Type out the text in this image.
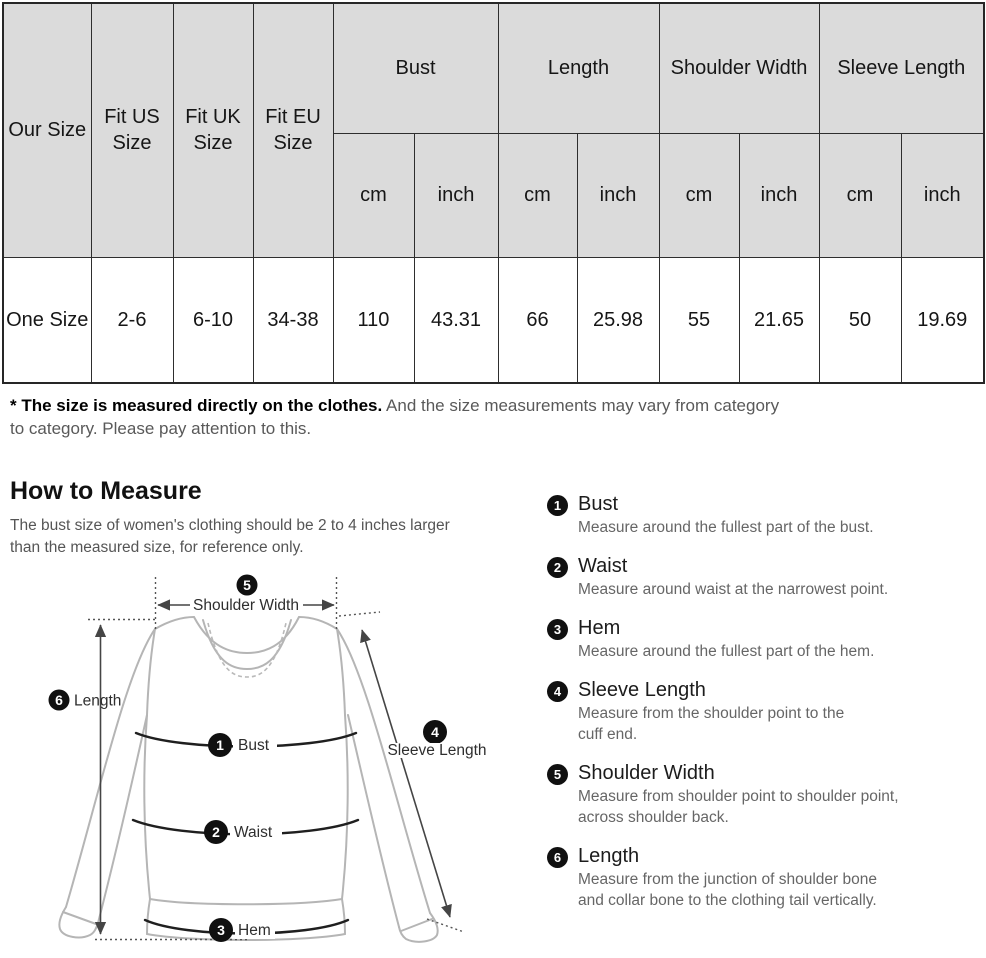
Our Size	Fit US Size	Fit UK Size	Fit EU Size	Bust		Length		Shoulder Width		Sleeve Length	
				cm	inch	cm	inch	cm	inch	cm	inch
One Size	2-6	6-10	34-38	110	43.31	66	25.98	55	21.65	50	19.69
* The size is measured directly on the clothes. And the size measurements may vary from category to category. Please pay attention to this.
How to Measure

The bust size of women's clothing should be 2 to 4 inches larger than the measured size, for reference only.

Shoulder Width
5
6 Length
1 Bust
4
Sleeve Length
2 Waist
3 Hem
1 Bust
Measure around the fullest part of the bust.
2 Waist
Measure around waist at the narrowest point.
3 Hem
Measure around the fullest part of the hem.
4 Sleeve Length
Measure from the shoulder point to the
cuff end.
5 Shoulder Width
Measure from shoulder point to shoulder point,
across shoulder back.
6 Length
Measure from the junction of shoulder bone
and collar bone to the clothing tail vertically.
